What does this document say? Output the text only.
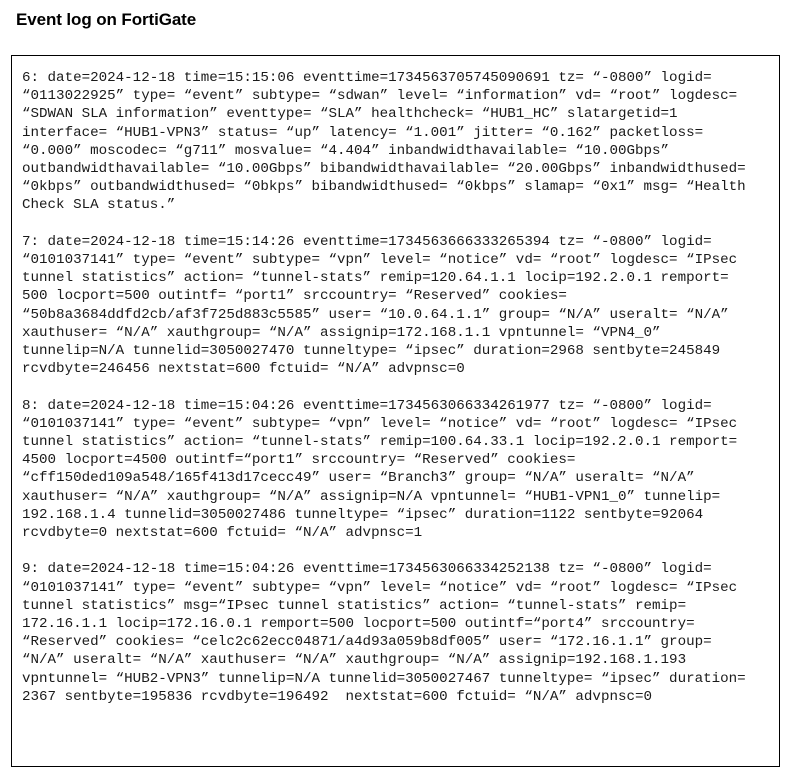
Event log on FortiGate
6: date=2024-12-18 time=15:15:06 eventtime=1734563705745090691 tz= “-0800” logid=
“0113022925” type= “event” subtype= “sdwan” level= “information” vd= “root” logdesc=
“SDWAN SLA information” eventtype= “SLA” healthcheck= “HUB1_HC” slatargetid=1
interface= “HUB1-VPN3” status= “up” latency= “1.001” jitter= “0.162” packetloss=
“0.000” moscodec= “g711” mosvalue= “4.404” inbandwidthavailable= “10.00Gbps”
outbandwidthavailable= “10.00Gbps” bibandwidthavailable= “20.00Gbps” inbandwidthused=
“0kbps” outbandwidthused= “0bkps” bibandwidthused= “0kbps” slamap= “0x1” msg= “Health
Check SLA status.”
7: date=2024-12-18 time=15:14:26 eventtime=1734563666333265394 tz= “-0800” logid=
“0101037141” type= “event” subtype= “vpn” level= “notice” vd= “root” logdesc= “IPsec
tunnel statistics” action= “tunnel-stats” remip=120.64.1.1 locip=192.2.0.1 remport=
500 locport=500 outintf= “port1” srccountry= “Reserved” cookies=
“50b8a3684ddfd2cb/af3f725d883c5585” user= “10.0.64.1.1” group= “N/A” useralt= “N/A”
xauthuser= “N/A” xauthgroup= “N/A” assignip=172.168.1.1 vpntunnel= “VPN4_0”
tunnelip=N/A tunnelid=3050027470 tunneltype= “ipsec” duration=2968 sentbyte=245849
rcvdbyte=246456 nextstat=600 fctuid= “N/A” advpnsc=0
8: date=2024-12-18 time=15:04:26 eventtime=1734563066334261977 tz= “-0800” logid=
“0101037141” type= “event” subtype= “vpn” level= “notice” vd= “root” logdesc= “IPsec
tunnel statistics” action= “tunnel-stats” remip=100.64.33.1 locip=192.2.0.1 remport=
4500 locport=4500 outintf=“port1” srccountry= “Reserved” cookies=
“cff150ded109a548/165f413d17cecc49” user= “Branch3” group= “N/A” useralt= “N/A”
xauthuser= “N/A” xauthgroup= “N/A” assignip=N/A vpntunnel= “HUB1-VPN1_0” tunnelip=
192.168.1.4 tunnelid=3050027486 tunneltype= “ipsec” duration=1122 sentbyte=92064
rcvdbyte=0 nextstat=600 fctuid= “N/A” advpnsc=1
9: date=2024-12-18 time=15:04:26 eventtime=1734563066334252138 tz= “-0800” logid=
“0101037141” type= “event” subtype= “vpn” level= “notice” vd= “root” logdesc= “IPsec
tunnel statistics” msg=“IPsec tunnel statistics” action= “tunnel-stats” remip=
172.16.1.1 locip=172.16.0.1 remport=500 locport=500 outintf=“port4” srccountry=
“Reserved” cookies= “celc2c62ecc04871/a4d93a059b8df005” user= “172.16.1.1” group=
“N/A” useralt= “N/A” xauthuser= “N/A” xauthgroup= “N/A” assignip=192.168.1.193
vpntunnel= “HUB2-VPN3” tunnelip=N/A tunnelid=3050027467 tunneltype= “ipsec” duration=
2367 sentbyte=195836 rcvdbyte=196492  nextstat=600 fctuid= “N/A” advpnsc=0
